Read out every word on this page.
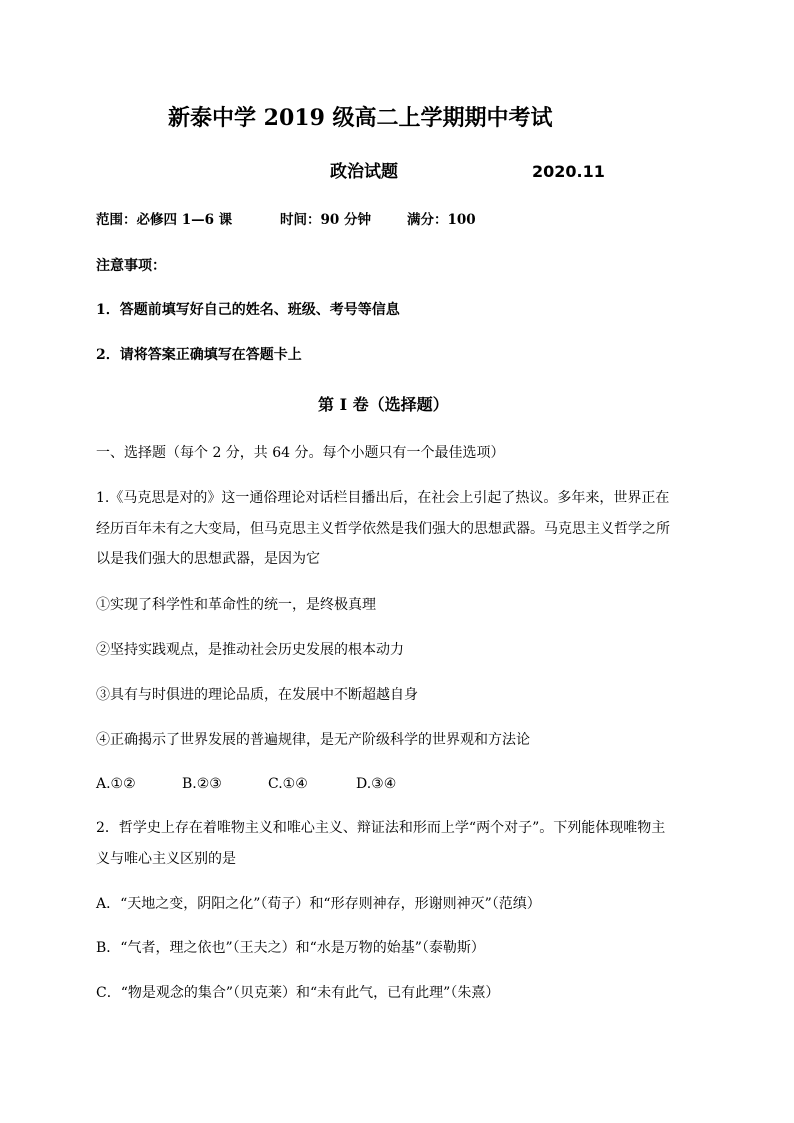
新泰中学 2019 级高二上学期期中考试
政治试题	2020.11
范围：必修四 1—6 课	时间：90 分钟	满分：100
注意事项：
1．答题前填写好自己的姓名、班级、考号等信息
2．请将答案正确填写在答题卡上
第 I 卷（选择题）
一、选择题（每个 2 分，共 64 分。每个小题只有一个最佳选项）
1.《马克思是对的》这一通俗理论对话栏目播出后，在社会上引起了热议。多年来，世界正在
经历百年未有之大变局，但马克思主义哲学依然是我们强大的思想武器。马克思主义哲学之所
以是我们强大的思想武器，是因为它
①实现了科学性和革命性的统一，是终极真理
②坚持实践观点，是推动社会历史发展的根本动力
③具有与时俱进的理论品质，在发展中不断超越自身
④正确揭示了世界发展的普遍规律，是无产阶级科学的世界观和方法论
A.①②	B.②③	C.①④	D.③④
2．哲学史上存在着唯物主义和唯心主义、辩证法和形而上学“两个对子”。下列能体现唯物主
义与唯心主义区别的是
A．“天地之变，阴阳之化”（荀子）和“形存则神存，形谢则神灭”（范缜）
B．“气者，理之依也”（王夫之）和“水是万物的始基”（泰勒斯）
C．“物是观念的集合”（贝克莱）和“未有此气，已有此理”（朱熹）
